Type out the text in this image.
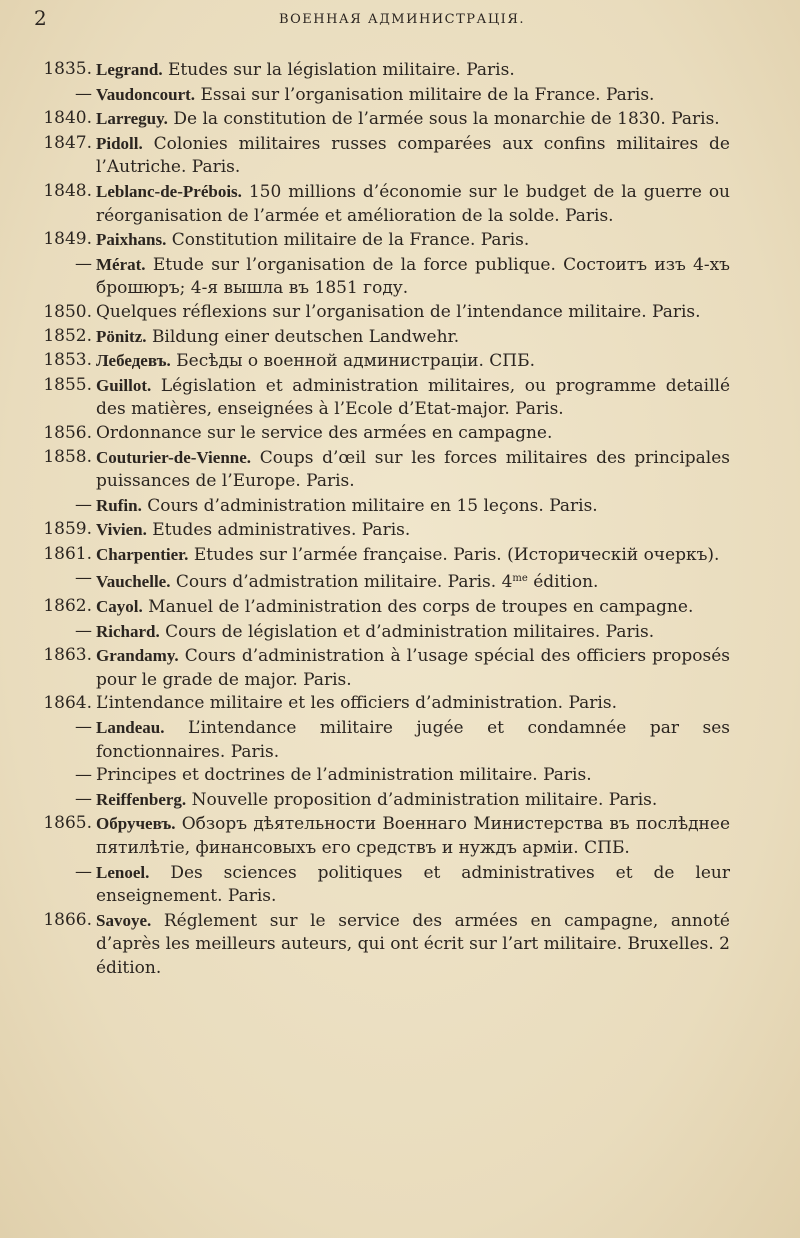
2	ВОЕННАЯ АДМИНИСТРАЦІЯ.
1835. Legrand. Etudes sur la législation militaire. Paris.
— Vaudoncourt. Essai sur l’organisation militaire de la France. Paris.
1840. Larreguy. De la constitution de l’armée sous la monarchie de 1830. Paris.
1847. Pidoll. Colonies militaires russes comparées aux confins militaires de l’Autriche. Paris.
1848. Leblanc-de-Prébois. 150 millions d’économie sur le budget de la guerre ou réorganisation de l’armée et amélioration de la solde. Paris.
1849. Paixhans. Constitution militaire de la France. Paris.
— Mérat. Etude sur l’organisation de la force publique. Состоитъ изъ 4-хъ брошюръ; 4-я вышла въ 1851 году.
1850. Quelques réflexions sur l’organisation de l’intendance militaire. Paris.
1852. Pönitz. Bildung einer deutschen Landwehr.
1853. Лебедевъ. Бесѣды о военной администраціи. СПБ.
1855. Guillot. Législation et administration militaires, ou programme detaillé des matières, enseignées à l’Ecole d’Etat-major. Paris.
1856. Ordonnance sur le service des armées en campagne.
1858. Couturier-de-Vienne. Coups d’œil sur les forces militaires des principales puissances de l’Europe. Paris.
— Rufin. Cours d’administration militaire en 15 leçons. Paris.
1859. Vivien. Etudes administratives. Paris.
1861. Charpentier. Etudes sur l’armée française. Paris. (Историческій очеркъ).
— Vauchelle. Cours d’admistration militaire. Paris. $4^{me}$ édition.
1862. Cayol. Manuel de l’administration des corps de troupes en campagne.
— Richard. Cours de législation et d’administration militaires. Paris.
1863. Grandamy. Cours d’administration à l’usage spécial des officiers proposés pour le grade de major. Paris.
1864. L’intendance militaire et les officiers d’administration. Paris.
— Landeau. L’intendance militaire jugée et condamnée par ses fonctionnaires. Paris.
— Principes et doctrines de l’administration militaire. Paris.
— Reiffenberg. Nouvelle proposition d’administration militaire. Paris.
1865. Обручевъ. Обзоръ дѣятельности Военнаго Министерства въ послѣднее пятилѣтіе, финансовыхъ его средствъ и нуждъ арміи. СПБ.
— Lenoel. Des sciences politiques et administratives et de leur enseignement. Paris.
1866. Savoye. Réglement sur le service des armées en campagne, annoté d’après les meilleurs auteurs, qui ont écrit sur l’art militaire. Bruxelles. 2 édition.
